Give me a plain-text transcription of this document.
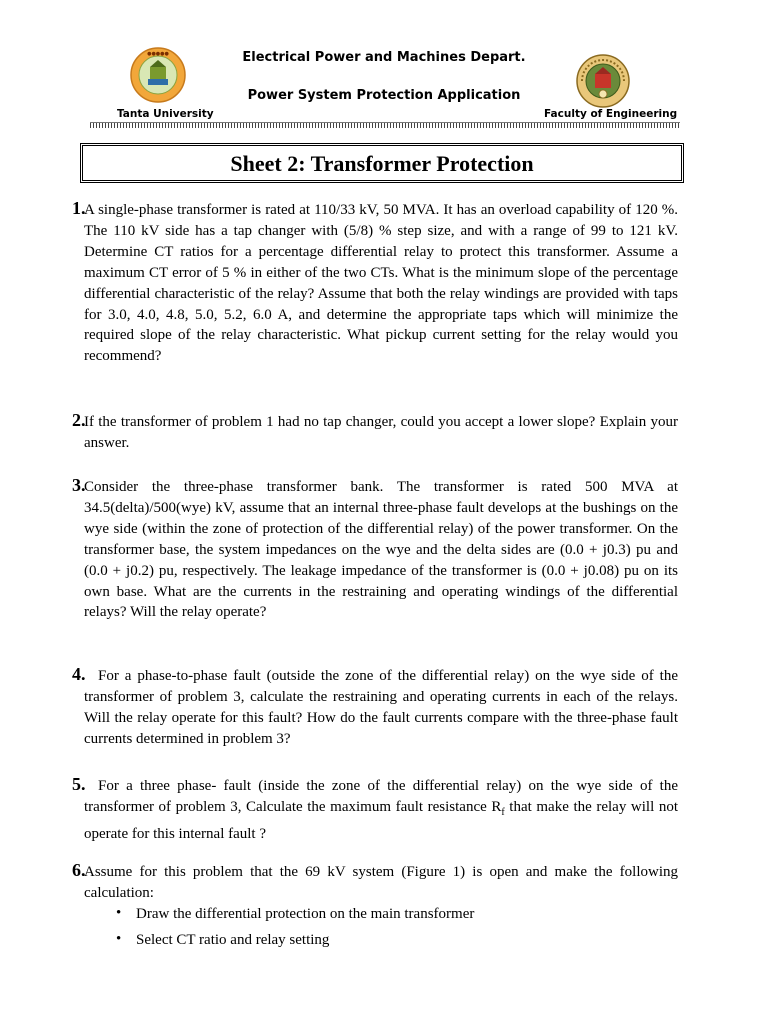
●●●●●	Electrical Power and Machines Depart.
Power System Protection Application
Tanta University	Faculty of Engineering
Sheet 2: Transformer Protection
1.
A single-phase transformer is rated at 110/33 kV, 50 MVA. It has an overload capability of 120 %. The 110 kV side has a tap changer with (5/8) % step size, and with a range of 99 to 121 kV. Determine CT ratios for a percentage differential relay to protect this transformer. Assume a maximum CT error of 5 % in either of the two CTs. What is the minimum slope of the percentage differential characteristic of the relay? Assume that both the relay windings are provided with taps for 3.0, 4.0, 4.8, 5.0, 5.2, 6.0 A, and determine the appropriate taps which will minimize the required slope of the relay characteristic. What pickup current setting for the relay would you recommend?
2.
If the transformer of problem 1 had no tap changer, could you accept a lower slope? Explain your answer.
3.
Consider the three-phase transformer bank. The transformer is rated 500 MVA at 34.5(delta)/500(wye) kV, assume that an internal three-phase fault develops at the bushings on the wye side (within the zone of protection of the differential relay) of the power transformer. On the transformer base, the system impedances on the wye and the delta sides are (0.0 + j0.3) pu and (0.0 + j0.2) pu, respectively. The leakage impedance of the transformer is (0.0 + j0.08) pu on its own base. What are the currents in the restraining and operating windings of the differential relays? Will the relay operate?
4. For a phase-to-phase fault (outside the zone of the differential relay) on the wye side of the transformer of problem 3, calculate the restraining and operating currents in each of the relays. Will the relay operate for this fault? How do the fault currents compare with the three-phase fault currents determined in problem 3?
5. For a three phase- fault (inside the zone of the differential relay) on the wye side of the transformer of problem 3, Calculate the maximum fault resistance $R_f$ that make the relay will not operate for this internal fault ?
6.
Assume for this problem that the 69 kV system (Figure 1) is open and make the following calculation:
• Draw the differential protection on the main transformer
• Select CT ratio and relay setting
